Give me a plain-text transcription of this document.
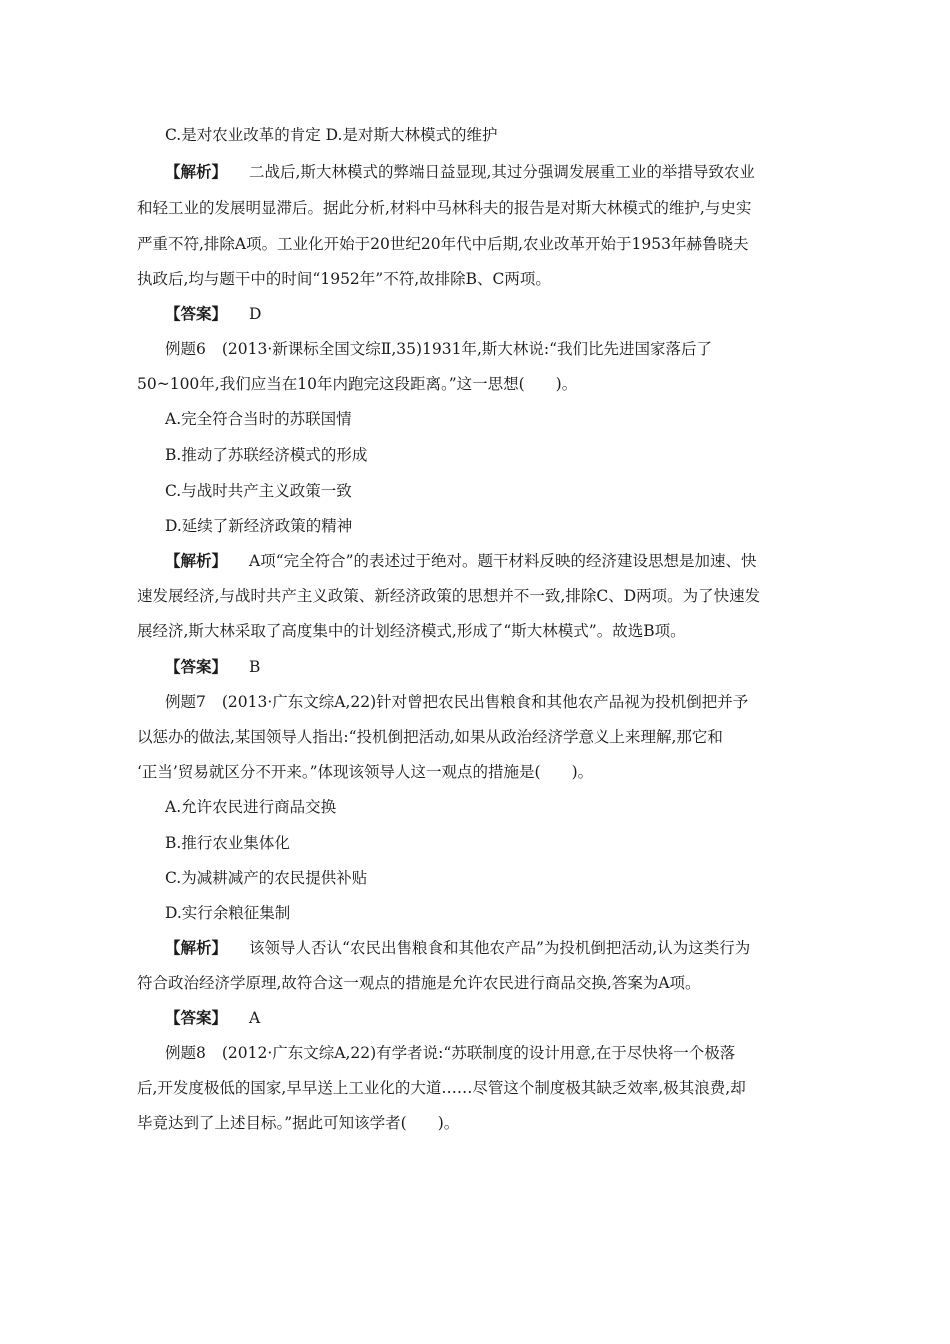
C.是对农业改革的肯定 D.是对斯大林模式的维护

【解析】 二战后,斯大林模式的弊端日益显现,其过分强调发展重工业的举措导致农业

和轻工业的发展明显滞后。据此分析,材料中马林科夫的报告是对斯大林模式的维护,与史实

严重不符,排除A项。工业化开始于20世纪20年代中后期,农业改革开始于1953年赫鲁晓夫

执政后,均与题干中的时间“1952年”不符,故排除B、C两项。

【答案】 D

例题6 (2013·新课标全国文综Ⅱ,35)1931年,斯大林说:“我们比先进国家落后了

50~100年,我们应当在10年内跑完这段距离。”这一思想(　　)。

A.完全符合当时的苏联国情

B.推动了苏联经济模式的形成

C.与战时共产主义政策一致

D.延续了新经济政策的精神

【解析】 A项“完全符合”的表述过于绝对。题干材料反映的经济建设思想是加速、快

速发展经济,与战时共产主义政策、新经济政策的思想并不一致,排除C、D两项。为了快速发

展经济,斯大林采取了高度集中的计划经济模式,形成了“斯大林模式”。故选B项。

【答案】 B

例题7 (2013·广东文综A,22)针对曾把农民出售粮食和其他农产品视为投机倒把并予

以惩办的做法,某国领导人指出:“投机倒把活动,如果从政治经济学意义上来理解,那它和

‘正当’贸易就区分不开来。”体现该领导人这一观点的措施是(　　)。

A.允许农民进行商品交换

B.推行农业集体化

C.为减耕减产的农民提供补贴

D.实行余粮征集制

【解析】 该领导人否认“农民出售粮食和其他农产品”为投机倒把活动,认为这类行为

符合政治经济学原理,故符合这一观点的措施是允许农民进行商品交换,答案为A项。

【答案】 A

例题8 (2012·广东文综A,22)有学者说:“苏联制度的设计用意,在于尽快将一个极落

后,开发度极低的国家,早早送上工业化的大道……尽管这个制度极其缺乏效率,极其浪费,却

毕竟达到了上述目标。”据此可知该学者(　　)。
